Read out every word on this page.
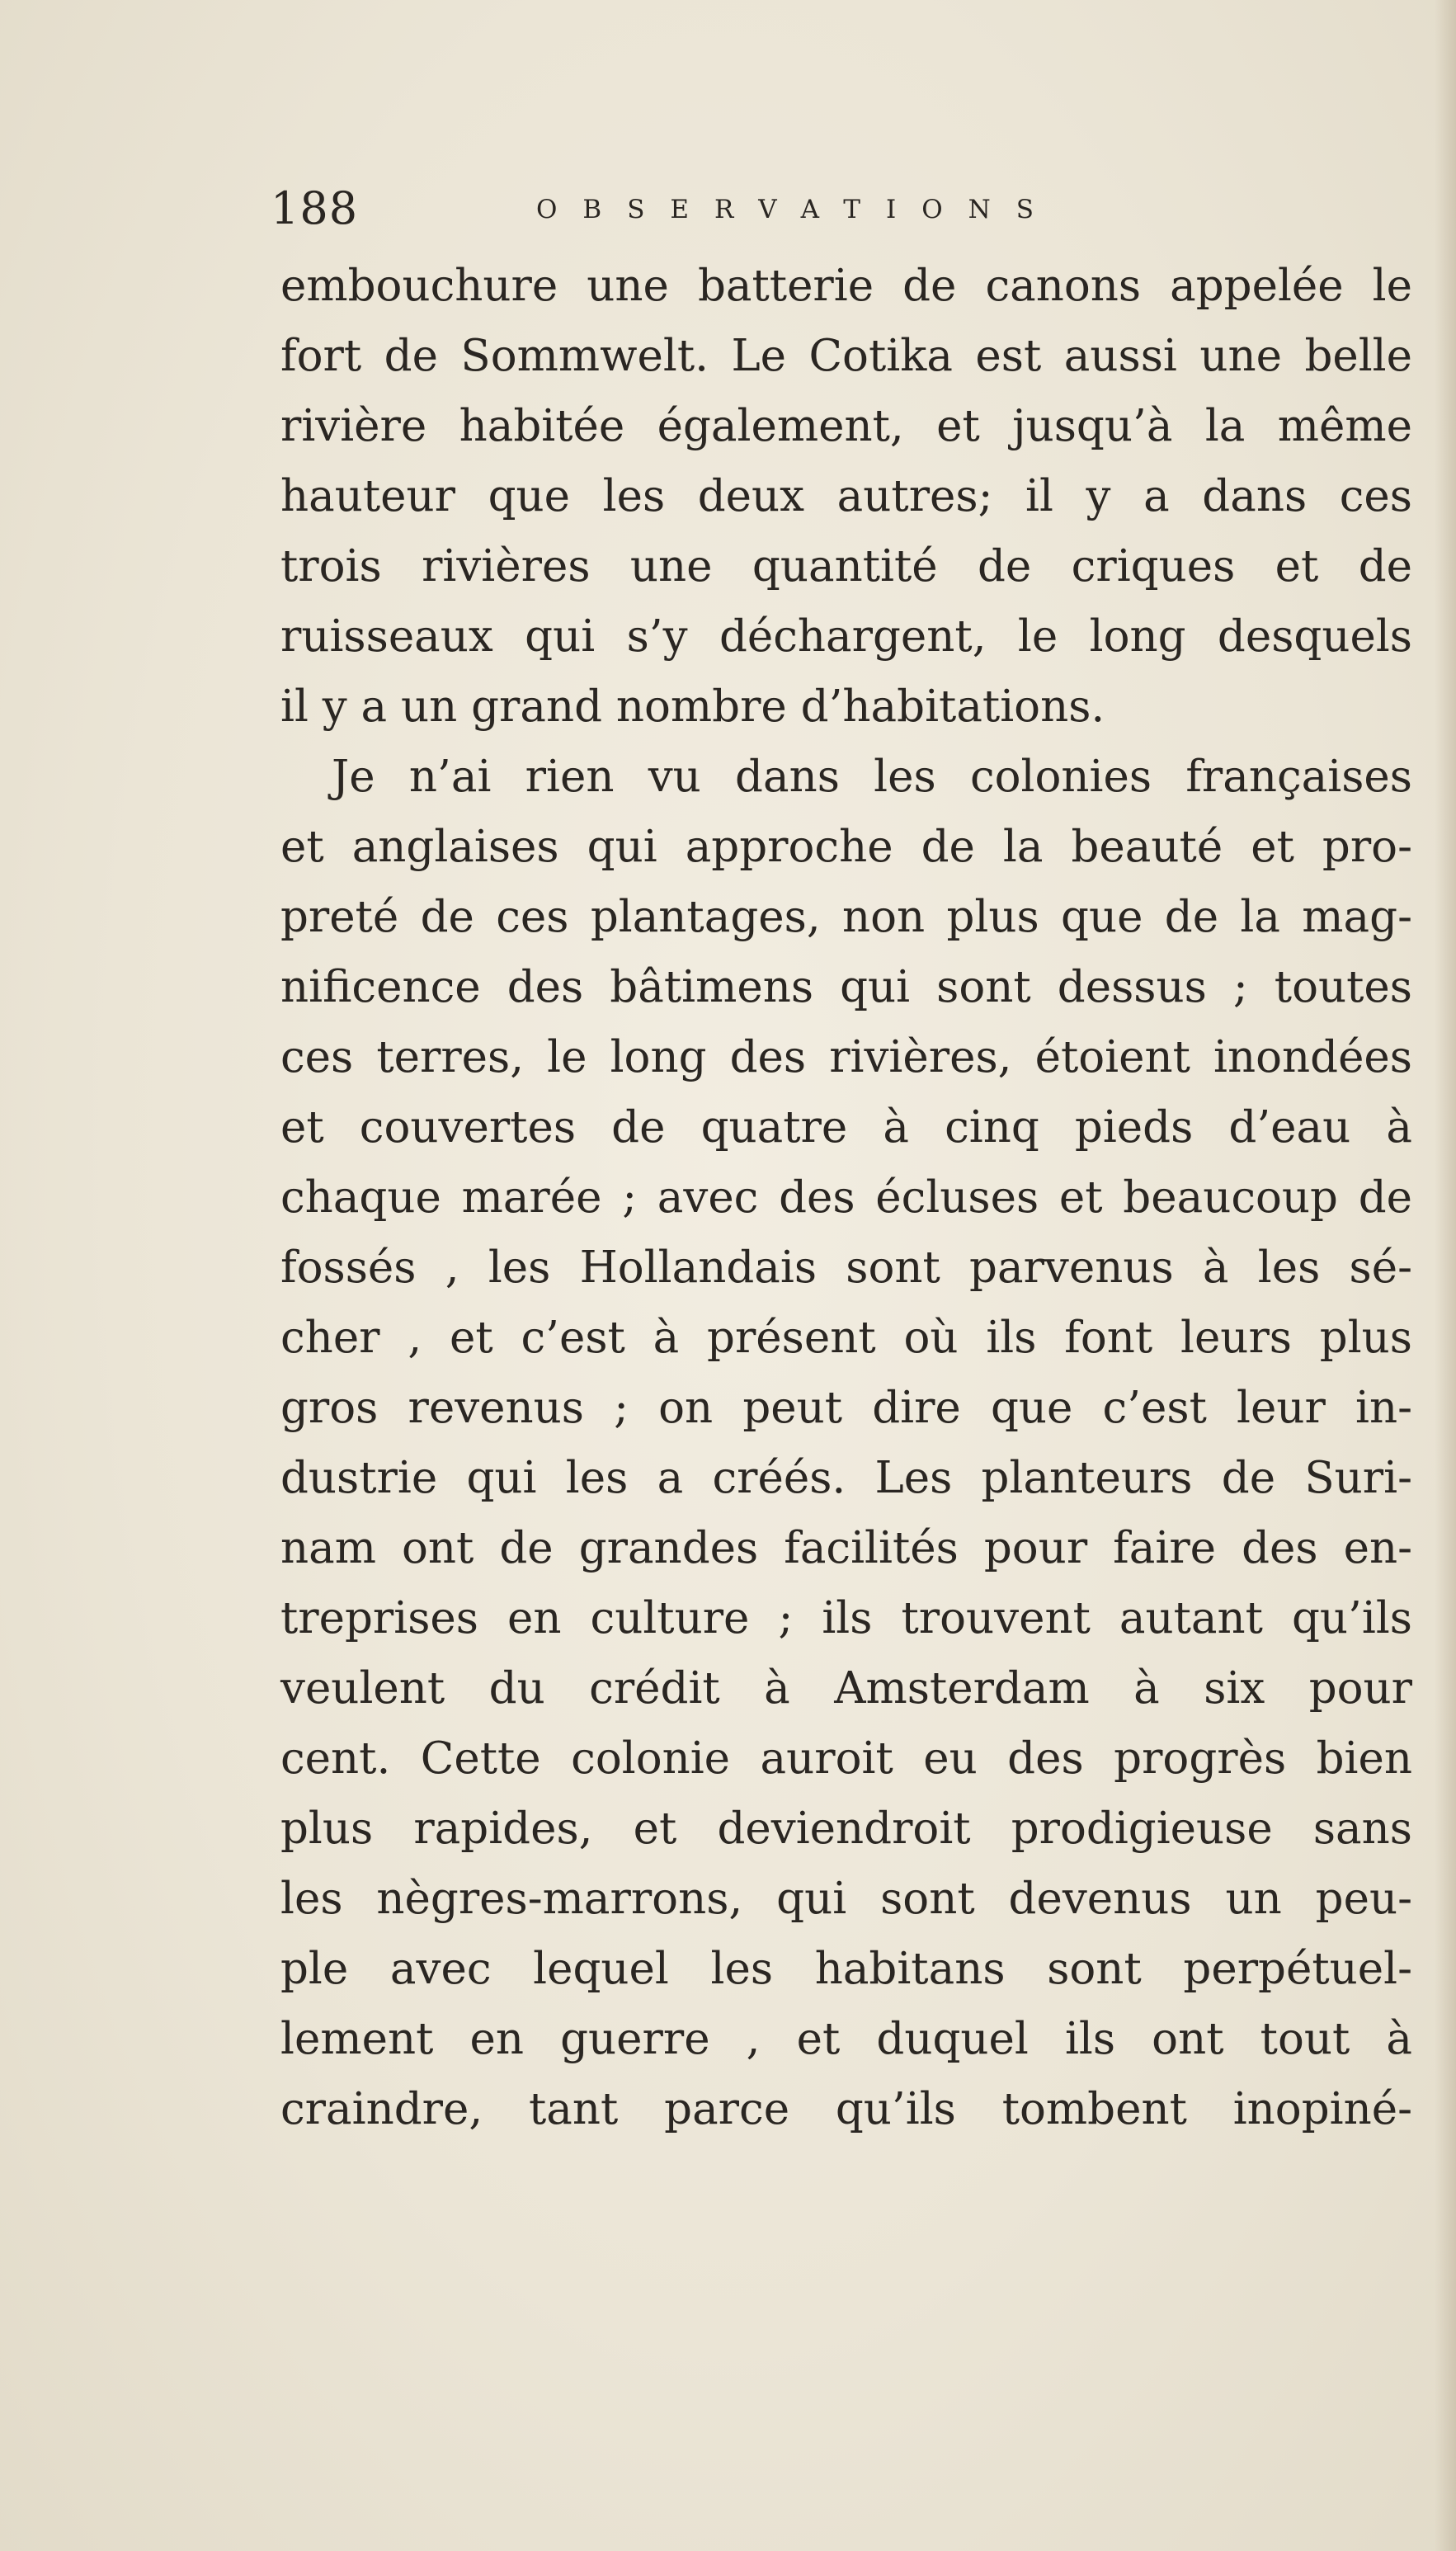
188	OBSERVATIONS
embouchure une batterie de canons appelée le
fort de Sommwelt. Le Cotika est aussi une belle
rivière habitée également, et jusqu’à la même
hauteur que les deux autres; il y a dans ces
trois rivières une quantité de criques et de
ruisseaux qui s’y déchargent, le long desquels
il y a un grand nombre d’habitations.
Je n’ai rien vu dans les colonies françaises
et anglaises qui approche de la beauté et pro-
preté de ces plantages, non plus que de la mag-
nificence des bâtimens qui sont dessus ; toutes
ces terres, le long des rivières, étoient inondées
et couvertes de quatre à cinq pieds d’eau à
chaque marée ; avec des écluses et beaucoup de
fossés , les Hollandais sont parvenus à les sé-
cher , et c’est à présent où ils font leurs plus
gros revenus ; on peut dire que c’est leur in-
dustrie qui les a créés. Les planteurs de Suri-
nam ont de grandes facilités pour faire des en-
treprises en culture ; ils trouvent autant qu’ils
veulent du crédit à Amsterdam à six pour
cent. Cette colonie auroit eu des progrès bien
plus rapides, et deviendroit prodigieuse sans
les nègres-marrons, qui sont devenus un peu-
ple avec lequel les habitans sont perpétuel-
lement en guerre , et duquel ils ont tout à
craindre, tant parce qu’ils tombent inopiné-
